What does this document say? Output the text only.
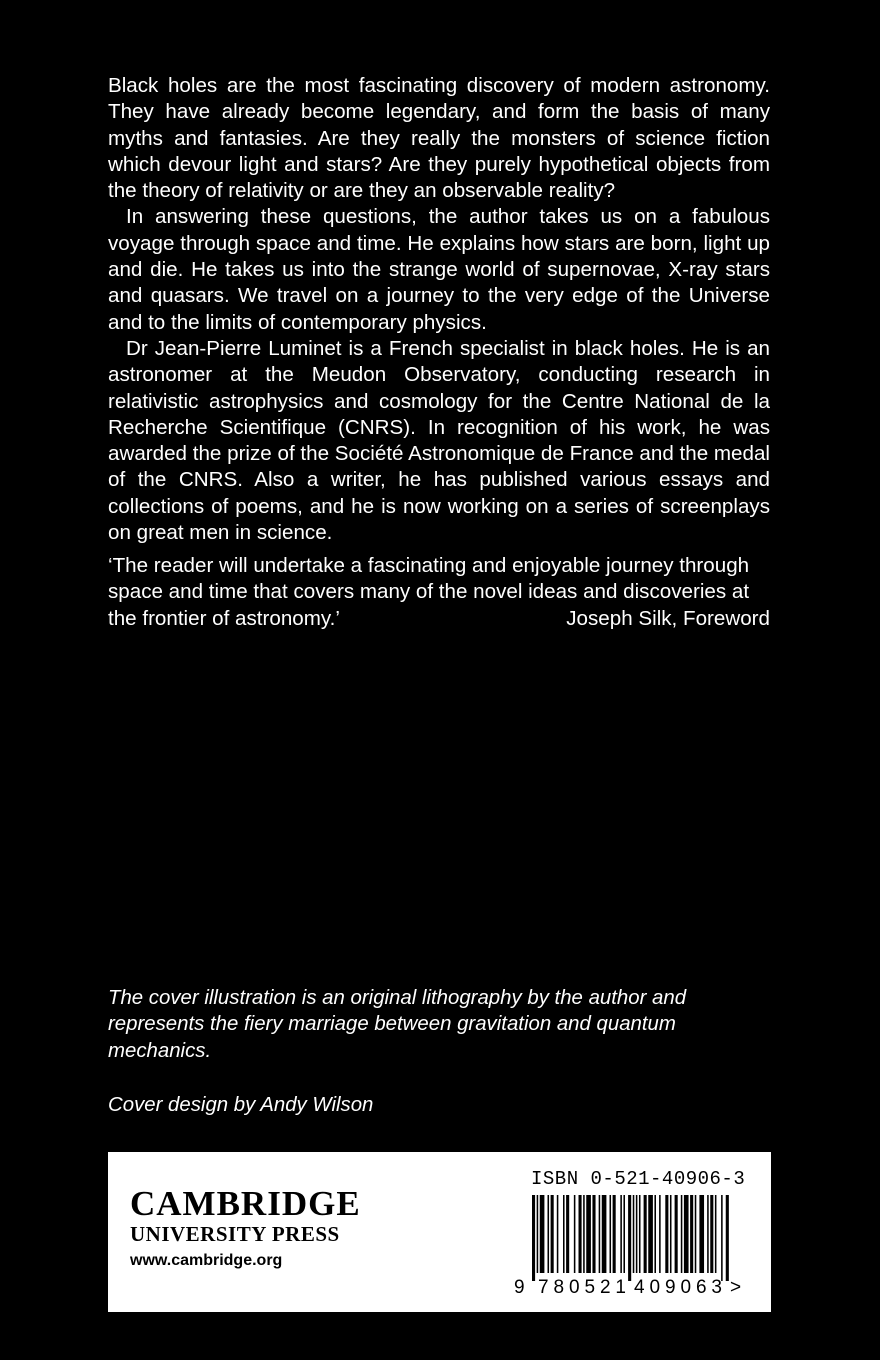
Black holes are the most fascinating discovery of modern astronomy. They have already become legendary, and form the basis of many myths and fantasies. Are they really the monsters of science fiction which devour light and stars? Are they purely hypothetical objects from the theory of relativity or are they an observable reality?

In answering these questions, the author takes us on a fabulous voyage through space and time. He explains how stars are born, light up and die. He takes us into the strange world of supernovae, X-ray stars and quasars. We travel on a journey to the very edge of the Universe and to the limits of contemporary physics.

Dr Jean-Pierre Luminet is a French specialist in black holes. He is an astronomer at the Meudon Observatory, conducting research in relativistic astrophysics and cosmology for the Centre National de la Recherche Scientifique (CNRS). In recognition of his work, he was awarded the prize of the Société Astronomique de France and the medal of the CNRS. Also a writer, he has published various essays and collections of poems, and he is now working on a series of screenplays on great men in science.

‘The reader will undertake a fascinating and enjoyable journey through space and time that covers many of the novel ideas and discoveries at the frontier of astronomy.’	Joseph Silk, Foreword
The cover illustration is an original lithography by the author and represents the fiery marriage between gravitation and quantum mechanics.
Cover design by Andy Wilson
CAMBRIDGE
UNIVERSITY PRESS
www.cambridge.org
ISBN 0-521-40906-3
9 780521 409063 >
